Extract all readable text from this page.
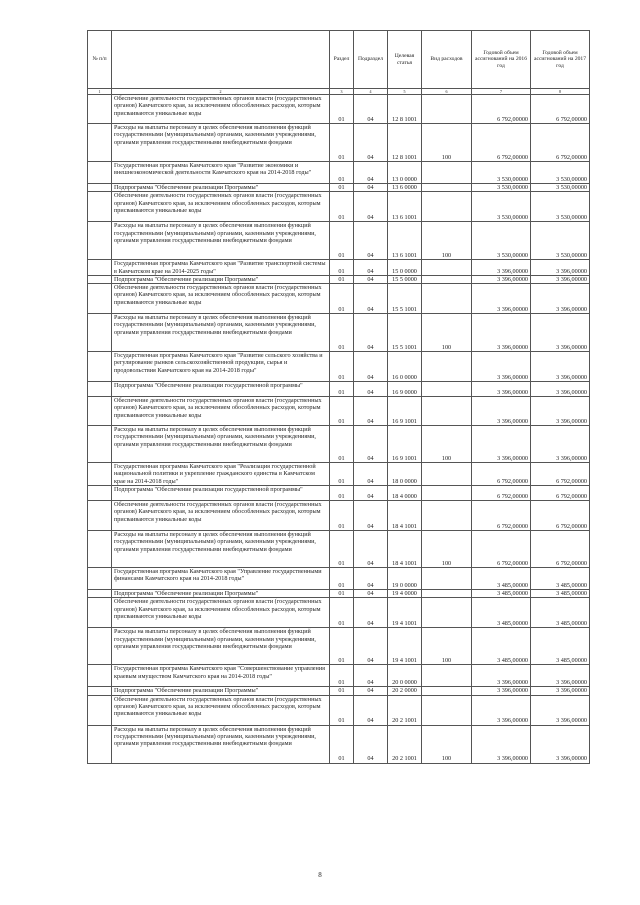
№ п/п		Раздел	Подраздел	Целевая статья	Вид расходов	Годовой объем ассигнований на 2016 год	Годовой объем ассигнований на 2017 год
1	2	3	4	5	6	7	8
	Обеспечение деятельности государственных органов власти (государственных органов) Камчатского края, за исключением обособленных расходов, которым присваиваются уникальные коды	01	04	12 8 1001		6 792,00000	6 792,00000
	Расходы на выплаты персоналу в целях обеспечения выполнения функций государственными (муниципальными) органами, казенными учреждениями, органами управления государственными внебюджетными фондами	01	04	12 8 1001	100	6 792,00000	6 792,00000
	Государственная программа Камчатского края "Развитие экономики и внешнеэкономической деятельности Камчатского края на 2014-2018 годы"	01	04	13 0 0000		3 530,00000	3 530,00000
	Подпрограмма "Обеспечение реализации Программы"	01	04	13 6 0000		3 530,00000	3 530,00000
	Обеспечение деятельности государственных органов власти (государственных органов) Камчатского края, за исключением обособленных расходов, которым присваиваются уникальные коды	01	04	13 6 1001		3 530,00000	3 530,00000
	Расходы на выплаты персоналу в целях обеспечения выполнения функций государственными (муниципальными) органами, казенными учреждениями, органами управления государственными внебюджетными фондами	01	04	13 6 1001	100	3 530,00000	3 530,00000
	Государственная программа Камчатского края "Развитие транспортной системы в Камчатском крае на 2014-2025 годы"	01	04	15 0 0000		3 396,00000	3 396,00000
	Подпрограмма "Обеспечение реализации Программы"	01	04	15 5 0000		3 396,00000	3 396,00000
	Обеспечение деятельности государственных органов власти (государственных органов) Камчатского края, за исключением обособленных расходов, которым присваиваются уникальные коды	01	04	15 5 1001		3 396,00000	3 396,00000
	Расходы на выплаты персоналу в целях обеспечения выполнения функций государственными (муниципальными) органами, казенными учреждениями, органами управления государственными внебюджетными фондами	01	04	15 5 1001	100	3 396,00000	3 396,00000
	Государственная программа Камчатского края "Развитие сельского хозяйства и регулирование рынков сельскохозяйственной продукции, сырья и продовольствия Камчатского края на 2014-2018 годы"	01	04	16 0 0000		3 396,00000	3 396,00000
	Подпрограмма "Обеспечение реализации государственной программы"	01	04	16 9 0000		3 396,00000	3 396,00000
	Обеспечение деятельности государственных органов власти (государственных органов) Камчатского края, за исключением обособленных расходов, которым присваиваются уникальные коды	01	04	16 9 1001		3 396,00000	3 396,00000
	Расходы на выплаты персоналу в целях обеспечения выполнения функций государственными (муниципальными) органами, казенными учреждениями, органами управления государственными внебюджетными фондами	01	04	16 9 1001	100	3 396,00000	3 396,00000
	Государственная программа Камчатского края "Реализация государственной национальной политики и укрепление гражданского единства в Камчатском крае на 2014-2018 годы"	01	04	18 0 0000		6 792,00000	6 792,00000
	Подпрограмма "Обеспечение реализации государственной программы"	01	04	18 4 0000		6 792,00000	6 792,00000
	Обеспечение деятельности государственных органов власти (государственных органов) Камчатского края, за исключением обособленных расходов, которым присваиваются уникальные коды	01	04	18 4 1001		6 792,00000	6 792,00000
	Расходы на выплаты персоналу в целях обеспечения выполнения функций государственными (муниципальными) органами, казенными учреждениями, органами управления государственными внебюджетными фондами	01	04	18 4 1001	100	6 792,00000	6 792,00000
	Государственная программа Камчатского края "Управление государственными финансами Камчатского края на 2014-2018 годы"	01	04	19 0 0000		3 485,00000	3 485,00000
	Подпрограмма "Обеспечение реализации Программы"	01	04	19 4 0000		3 485,00000	3 485,00000
	Обеспечение деятельности государственных органов власти (государственных органов) Камчатского края, за исключением обособленных расходов, которым присваиваются уникальные коды	01	04	19 4 1001		3 485,00000	3 485,00000
	Расходы на выплаты персоналу в целях обеспечения выполнения функций государственными (муниципальными) органами, казенными учреждениями, органами управления государственными внебюджетными фондами	01	04	19 4 1001	100	3 485,00000	3 485,00000
	Государственная программа Камчатского края "Совершенствование управления краевым имуществом Камчатского края на 2014-2018 годы"	01	04	20 0 0000		3 396,00000	3 396,00000
	Подпрограмма "Обеспечение реализации Программы"	01	04	20 2 0000		3 396,00000	3 396,00000
	Обеспечение деятельности государственных органов власти (государственных органов) Камчатского края, за исключением обособленных расходов, которым присваиваются уникальные коды	01	04	20 2 1001		3 396,00000	3 396,00000
	Расходы на выплаты персоналу в целях обеспечения выполнения функций государственными (муниципальными) органами, казенными учреждениями, органами управления государственными внебюджетными фондами	01	04	20 2 1001	100	3 396,00000	3 396,00000
8
